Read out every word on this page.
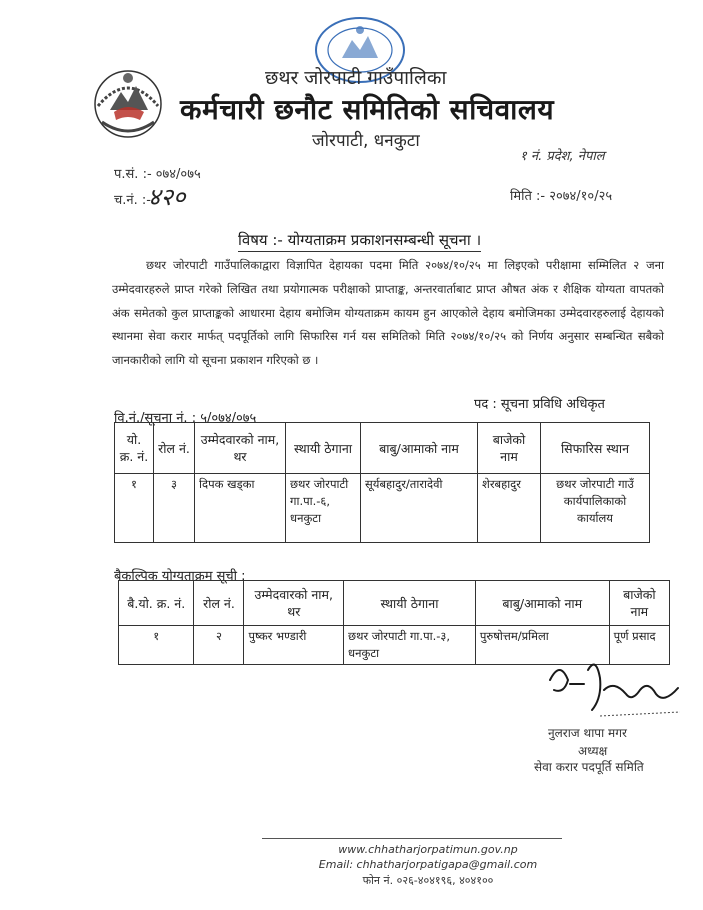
छथर जोरपाटी गाउँपालिका
कर्मचारी छनौट समितिको सचिवालय
जोरपाटी, धनकुटा
१ नं. प्रदेश, नेपाल
प.सं. :- ०७४/०७५
च.नं. :-
४२०	मिति :- २०७४/१०/२५
विषय :- योग्यताक्रम प्रकाशनसम्बन्धी सूचना ।
छथर जोरपाटी गाउँपालिकाद्वारा विज्ञापित देहायका पदमा मिति २०७४/१०/२५ मा लिइएको परीक्षामा सम्मिलित २ जना उम्मेदवारहरुले प्राप्त गरेको लिखित तथा प्रयोगात्मक परीक्षाको प्राप्ताङ्क, अन्तरवार्ताबाट प्राप्त औषत अंक र शैक्षिक योग्यता वापतको अंक समेतको कुल प्राप्ताङ्कको आधारमा देहाय बमोजिम योग्यताक्रम कायम हुन आएकोले देहाय बमोजिमका उम्मेदवारहरुलाई देहायको स्थानमा सेवा करार मार्फत् पदपूर्तिको लागि सिफारिस गर्न यस समितिको मिति २०७४/१०/२५ को निर्णय अनुसार सम्बन्धित सबैको जानकारीको लागि यो सूचना प्रकाशन गरिएको छ ।
वि.नं./सूचना नं. : ५/०७४/०७५
पद : सूचना प्रविधि अधिकृत
यो. क्र. नं.	रोल नं.	उम्मेदवारको नाम, थर	स्थायी ठेगाना	बाबु/आमाको नाम	बाजेको नाम	सिफारिस स्थान
१	३	दिपक खड्का	छथर जोरपाटी गा.पा.-६, धनकुटा	सूर्यबहादुर/तारादेवी	शेरबहादुर	छथर जोरपाटी गाउँ कार्यपालिकाको कार्यालय
बैकल्पिक योग्यताक्रम सूची :
बै.यो. क्र. नं.	रोल नं.	उम्मेदवारको नाम, थर	स्थायी ठेगाना	बाबु/आमाको नाम	बाजेको नाम
१	२	पुष्कर भण्डारी	छथर जोरपाटी गा.पा.-३, धनकुटा	पुरुषोत्तम/प्रमिला	पूर्ण प्रसाद
नुलराज थापा मगर
अध्यक्ष
सेवा करार पदपूर्ति समिति
www.chhatharjorpatimun.gov.np
Email: chhatharjorpatigapa@gmail.com
फोन नं. ०२६-४०४१९६, ४०४१००
